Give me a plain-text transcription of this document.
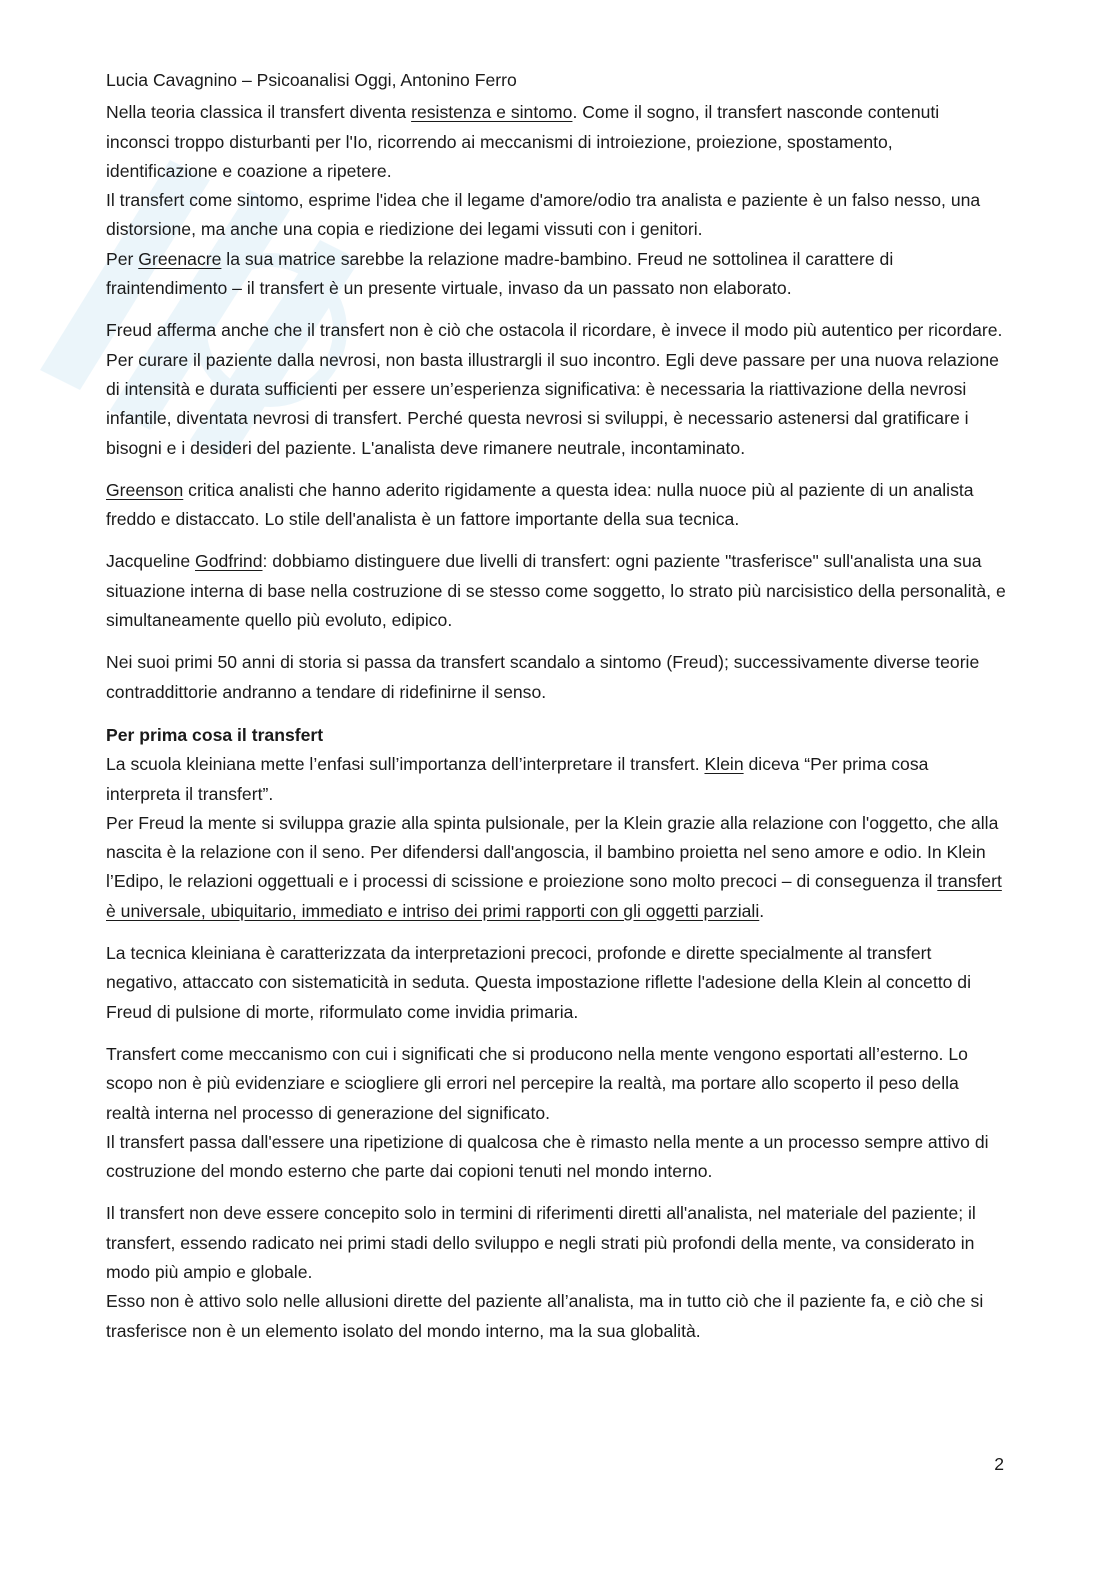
Lucia Cavagnino – Psicoanalisi Oggi, Antonino Ferro

Nella teoria classica il transfert diventa resistenza e sintomo. Come il sogno, il transfert nasconde contenuti inconsci troppo disturbanti per l'Io, ricorrendo ai meccanismi di introiezione, proiezione, spostamento, identificazione e coazione a ripetere.

Il transfert come sintomo, esprime l'idea che il legame d'amore/odio tra analista e paziente è un falso nesso, una distorsione, ma anche una copia e riedizione dei legami vissuti con i genitori.

Per Greenacre la sua matrice sarebbe la relazione madre-bambino. Freud ne sottolinea il carattere di fraintendimento – il transfert è un presente virtuale, invaso da un passato non elaborato.

Freud afferma anche che il transfert non è ciò che ostacola il ricordare, è invece il modo più autentico per ricordare. Per curare il paziente dalla nevrosi, non basta illustrargli il suo incontro. Egli deve passare per una nuova relazione di intensità e durata sufficienti per essere un’esperienza significativa: è necessaria la riattivazione della nevrosi infantile, diventata nevrosi di transfert. Perché questa nevrosi si sviluppi, è necessario astenersi dal gratificare i bisogni e i desideri del paziente. L'analista deve rimanere neutrale, incontaminato.

Greenson critica analisti che hanno aderito rigidamente a questa idea: nulla nuoce più al paziente di un analista freddo e distaccato. Lo stile dell'analista è un fattore importante della sua tecnica.

Jacqueline Godfrind: dobbiamo distinguere due livelli di transfert: ogni paziente "trasferisce" sull'analista una sua situazione interna di base nella costruzione di se stesso come soggetto, lo strato più narcisistico della personalità, e simultaneamente quello più evoluto, edipico.

Nei suoi primi 50 anni di storia si passa da transfert scandalo a sintomo (Freud); successivamente diverse teorie contraddittorie andranno a tendare di ridefinirne il senso.

Per prima cosa il transfert

La scuola kleiniana mette l’enfasi sull’importanza dell’interpretare il transfert. Klein diceva “Per prima cosa interpreta il transfert”.

Per Freud la mente si sviluppa grazie alla spinta pulsionale, per la Klein grazie alla relazione con l'oggetto, che alla nascita è la relazione con il seno. Per difendersi dall'angoscia, il bambino proietta nel seno amore e odio. In Klein l’Edipo, le relazioni oggettuali e i processi di scissione e proiezione sono molto precoci – di conseguenza il transfert è universale, ubiquitario, immediato e intriso dei primi rapporti con gli oggetti parziali.

La tecnica kleiniana è caratterizzata da interpretazioni precoci, profonde e dirette specialmente al transfert negativo, attaccato con sistematicità in seduta. Questa impostazione riflette l'adesione della Klein al concetto di Freud di pulsione di morte, riformulato come invidia primaria.

Transfert come meccanismo con cui i significati che si producono nella mente vengono esportati all’esterno. Lo scopo non è più evidenziare e sciogliere gli errori nel percepire la realtà, ma portare allo scoperto il peso della realtà interna nel processo di generazione del significato.

Il transfert passa dall'essere una ripetizione di qualcosa che è rimasto nella mente a un processo sempre attivo di costruzione del mondo esterno che parte dai copioni tenuti nel mondo interno.

Il transfert non deve essere concepito solo in termini di riferimenti diretti all'analista, nel materiale del paziente; il transfert, essendo radicato nei primi stadi dello sviluppo e negli strati più profondi della mente, va considerato in modo più ampio e globale.

Esso non è attivo solo nelle allusioni dirette del paziente all’analista, ma in tutto ciò che il paziente fa, e ciò che si trasferisce non è un elemento isolato del mondo interno, ma la sua globalità.

2
